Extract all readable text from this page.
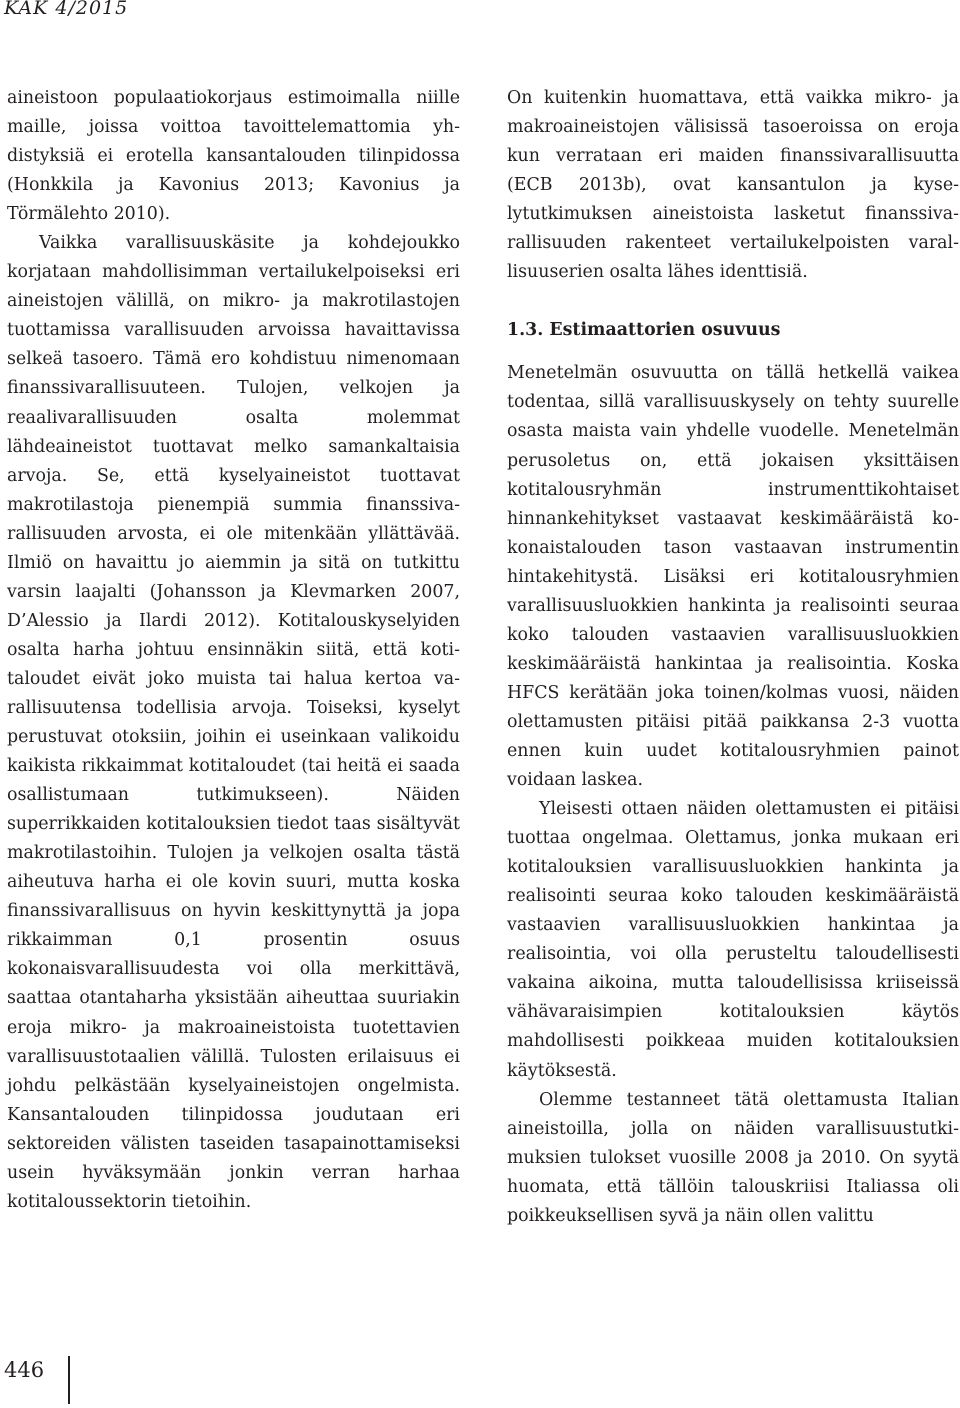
KAK 4/2015

aineistoon populaatiokorjaus estimoimalla niille maille, joissa voittoa tavoittelemattomia yhdistyksiä ei erotella kansantalouden tilinpidossa (Honkkila ja Kavonius 2013; Kavonius ja Törmälehto 2010).

Vaikka varallisuuskäsite ja kohdejoukko korjataan mahdollisimman vertailukelpoiseksi eri aineistojen välillä, on mikro- ja makrotilastojen tuottamissa varallisuuden arvoissa havaittavissa selkeä tasoero. Tämä ero kohdistuu nimenomaan finanssivarallisuuteen. Tulojen, velkojen ja reaalivarallisuuden osalta molemmat lähdeaineistot tuottavat melko samankaltaisia arvoja. Se, että kyselyaineistot tuottavat makrotilastoja pienempiä summia finanssivarallisuuden arvosta, ei ole mitenkään yllättävää. Ilmiö on havaittu jo aiemmin ja sitä on tutkittu varsin laajalti (Johansson ja Klevmarken 2007, D’Alessio ja Ilardi 2012). Kotitalouskyselyiden osalta harha johtuu ensinnäkin siitä, että kotitaloudet eivät joko muista tai halua kertoa varallisuutensa todellisia arvoja. Toiseksi, kyselyt perustuvat otoksiin, joihin ei useinkaan valikoidu kaikista rikkaimmat kotitaloudet (tai heitä ei saada osallistumaan tutkimukseen). Näiden superrikkaiden kotitalouksien tiedot taas sisältyvät makrotilastoihin. Tulojen ja velkojen osalta tästä aiheutuva harha ei ole kovin suuri, mutta koska finanssivarallisuus on hyvin keskittynyttä ja jopa rikkaimman 0,1 prosentin osuus kokonaisvarallisuudesta voi olla merkittävä, saattaa otantaharha yksistään aiheuttaa suuriakin eroja mikro- ja makroaineistoista tuotettavien varallisuustotaalien välillä. Tulosten erilaisuus ei johdu pelkästään kyselyaineistojen ongelmista. Kansantalouden tilinpidossa joudutaan eri sektoreiden välisten taseiden tasapainottamiseksi usein hyväksymään jonkin verran harhaa kotitaloussektorin tietoihin.

On kuitenkin huomattava, että vaikka mikro- ja makroaineistojen välisissä tasoeroissa on eroja kun verrataan eri maiden finanssivarallisuutta (ECB 2013b), ovat kansantulon ja kyselytutkimuksen aineistoista lasketut finanssivarallisuuden rakenteet vertailukelpoisten varallisuuserien osalta lähes identtisiä.

1.3. Estimaattorien osuvuus

Menetelmän osuvuutta on tällä hetkellä vaikea todentaa, sillä varallisuuskysely on tehty suurelle osasta maista vain yhdelle vuodelle. Menetelmän perusoletus on, että jokaisen yksittäisen kotitalousryhmän instrumenttikohtaiset hinnankehitykset vastaavat keskimääräistä kokonaistalouden tason vastaavan instrumentin hintakehitystä. Lisäksi eri kotitalousryhmien varallisuusluokkien hankinta ja realisointi seuraa koko talouden vastaavien varallisuusluokkien keskimääräistä hankintaa ja realisointia. Koska HFCS kerätään joka toinen/kolmas vuosi, näiden olettamusten pitäisi pitää paikkansa 2-3 vuotta ennen kuin uudet kotitalousryhmien painot voidaan laskea.

Yleisesti ottaen näiden olettamusten ei pitäisi tuottaa ongelmaa. Olettamus, jonka mukaan eri kotitalouksien varallisuusluokkien hankinta ja realisointi seuraa koko talouden keskimääräistä vastaavien varallisuusluokkien hankintaa ja realisointia, voi olla perusteltu taloudellisesti vakaina aikoina, mutta taloudellisissa kriiseissä vähävaraisimpien kotitalouksien käytös mahdollisesti poikkeaa muiden kotitalouksien käytöksestä.

Olemme testanneet tätä olettamusta Italian aineistoilla, jolla on näiden varallisuustutkimuksien tulokset vuosille 2008 ja 2010. On syytä huomata, että tällöin talouskriisi Italiassa oli poikkeuksellisen syvä ja näin ollen valittu

446
